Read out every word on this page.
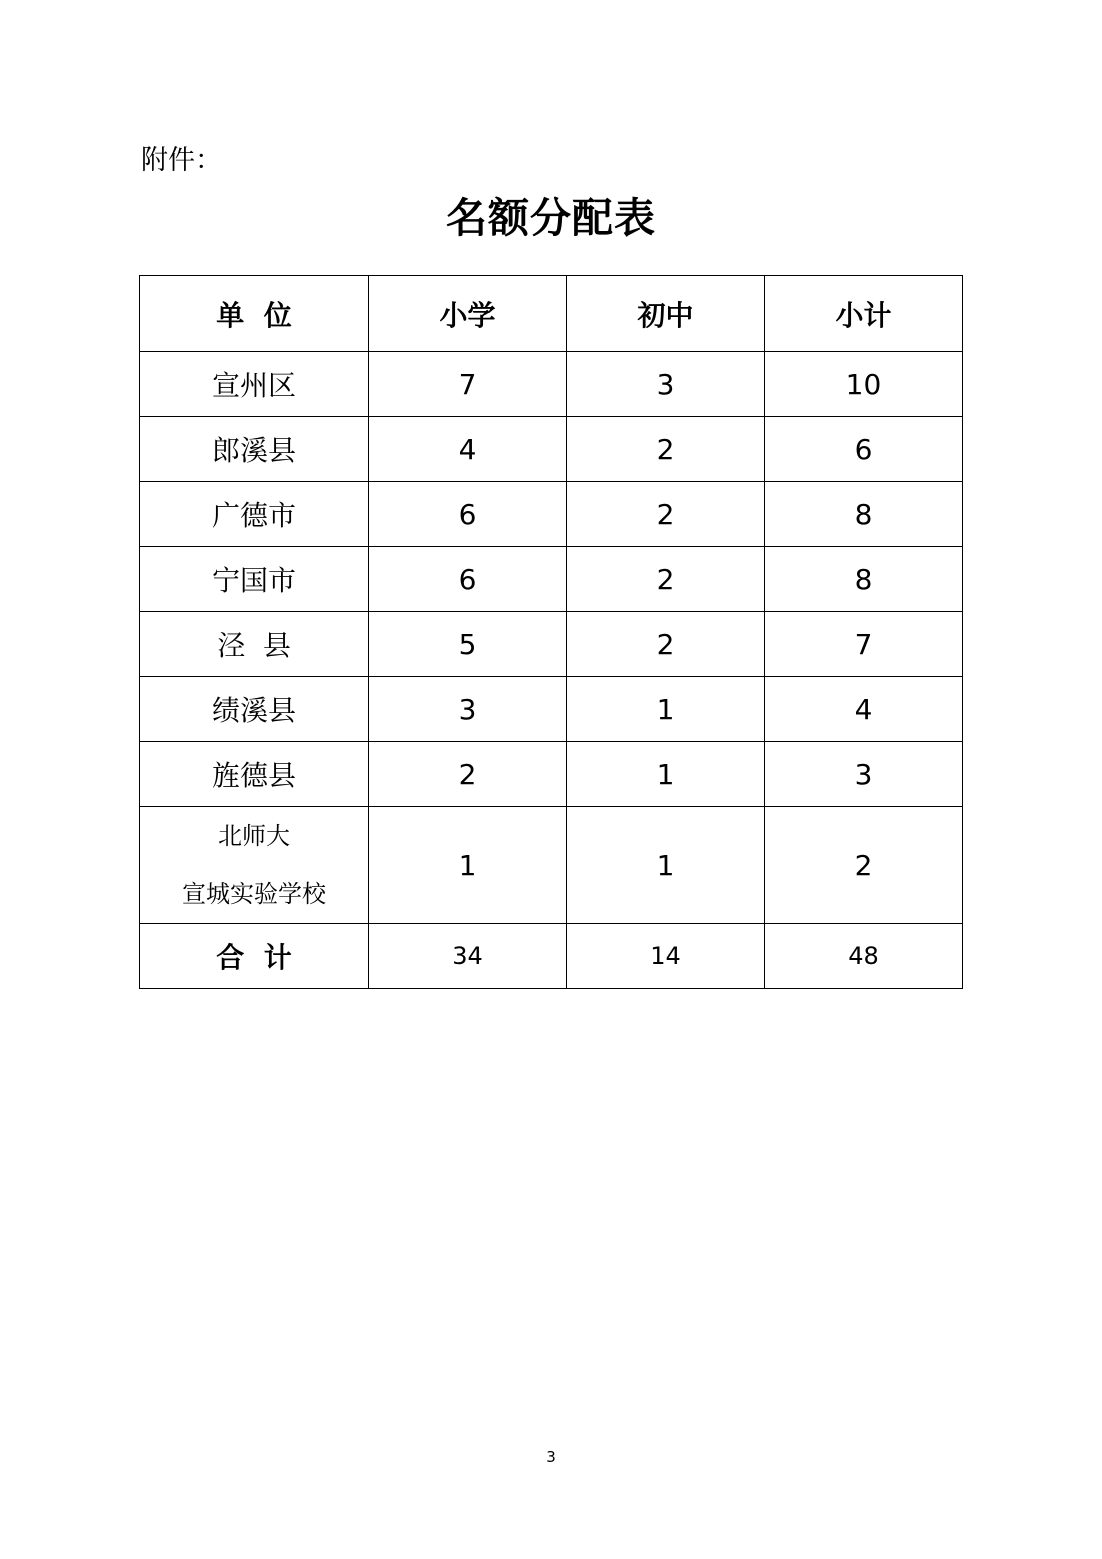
附件：
名额分配表
单  位	小学	初中	小计
宣州区	7	3	10
郎溪县	4	2	6
广德市	6	2	8
宁国市	6	2	8
泾  县	5	2	7
绩溪县	3	1	4
旌德县	2	1	3

北师大
宣城实验学校	1	1	2
合  计	34	14	48
3
